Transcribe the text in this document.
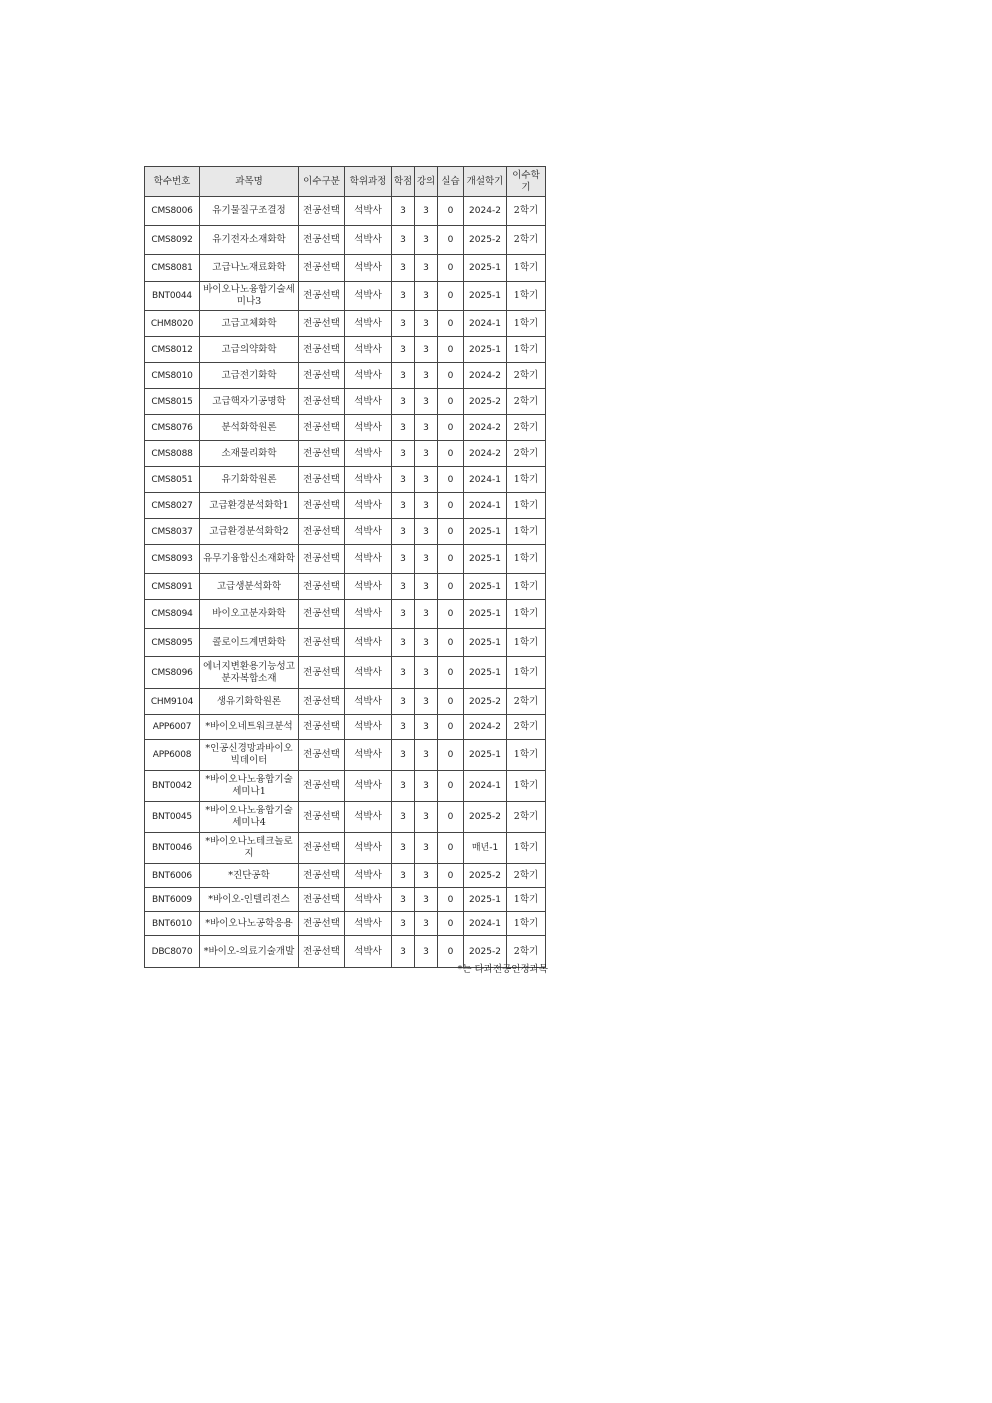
학수번호	과목명	이수구분	학위과정	학점	강의	실습	개설학기	이수학기
CMS8006	유기물질구조결정	전공선택	석박사	3	3	0	2024-2	2학기
CMS8092	유기전자소재화학	전공선택	석박사	3	3	0	2025-2	2학기
CMS8081	고급나노재료화학	전공선택	석박사	3	3	0	2025-1	1학기
BNT0044	바이오나노융합기술세미나3	전공선택	석박사	3	3	0	2025-1	1학기
CHM8020	고급고체화학	전공선택	석박사	3	3	0	2024-1	1학기
CMS8012	고급의약화학	전공선택	석박사	3	3	0	2025-1	1학기
CMS8010	고급전기화학	전공선택	석박사	3	3	0	2024-2	2학기
CMS8015	고급핵자기공명학	전공선택	석박사	3	3	0	2025-2	2학기
CMS8076	분석화학원론	전공선택	석박사	3	3	0	2024-2	2학기
CMS8088	소재물리화학	전공선택	석박사	3	3	0	2024-2	2학기
CMS8051	유기화학원론	전공선택	석박사	3	3	0	2024-1	1학기
CMS8027	고급환경분석화학1	전공선택	석박사	3	3	0	2024-1	1학기
CMS8037	고급환경분석화학2	전공선택	석박사	3	3	0	2025-1	1학기
CMS8093	유무기융합신소재화학	전공선택	석박사	3	3	0	2025-1	1학기
CMS8091	고급생분석화학	전공선택	석박사	3	3	0	2025-1	1학기
CMS8094	바이오고분자화학	전공선택	석박사	3	3	0	2025-1	1학기
CMS8095	콜로이드계면화학	전공선택	석박사	3	3	0	2025-1	1학기
CMS8096	에너지변환용기능성고분자복합소재	전공선택	석박사	3	3	0	2025-1	1학기
CHM9104	생유기화학원론	전공선택	석박사	3	3	0	2025-2	2학기
APP6007	*바이오네트워크분석	전공선택	석박사	3	3	0	2024-2	2학기
APP6008	*인공신경망과바이오빅데이터	전공선택	석박사	3	3	0	2025-1	1학기
BNT0042	*바이오나노융합기술세미나1	전공선택	석박사	3	3	0	2024-1	1학기
BNT0045	*바이오나노융합기술세미나4	전공선택	석박사	3	3	0	2025-2	2학기
BNT0046	*바이오나노테크놀로지	전공선택	석박사	3	3	0	매년-1	1학기
BNT6006	*진단공학	전공선택	석박사	3	3	0	2025-2	2학기
BNT6009	*바이오-인텔리전스	전공선택	석박사	3	3	0	2025-1	1학기
BNT6010	*바이오나노공학응용	전공선택	석박사	3	3	0	2024-1	1학기
DBC8070	*바이오-의료기술개발	전공선택	석박사	3	3	0	2025-2	2학기
*는 타과전공인정과목
